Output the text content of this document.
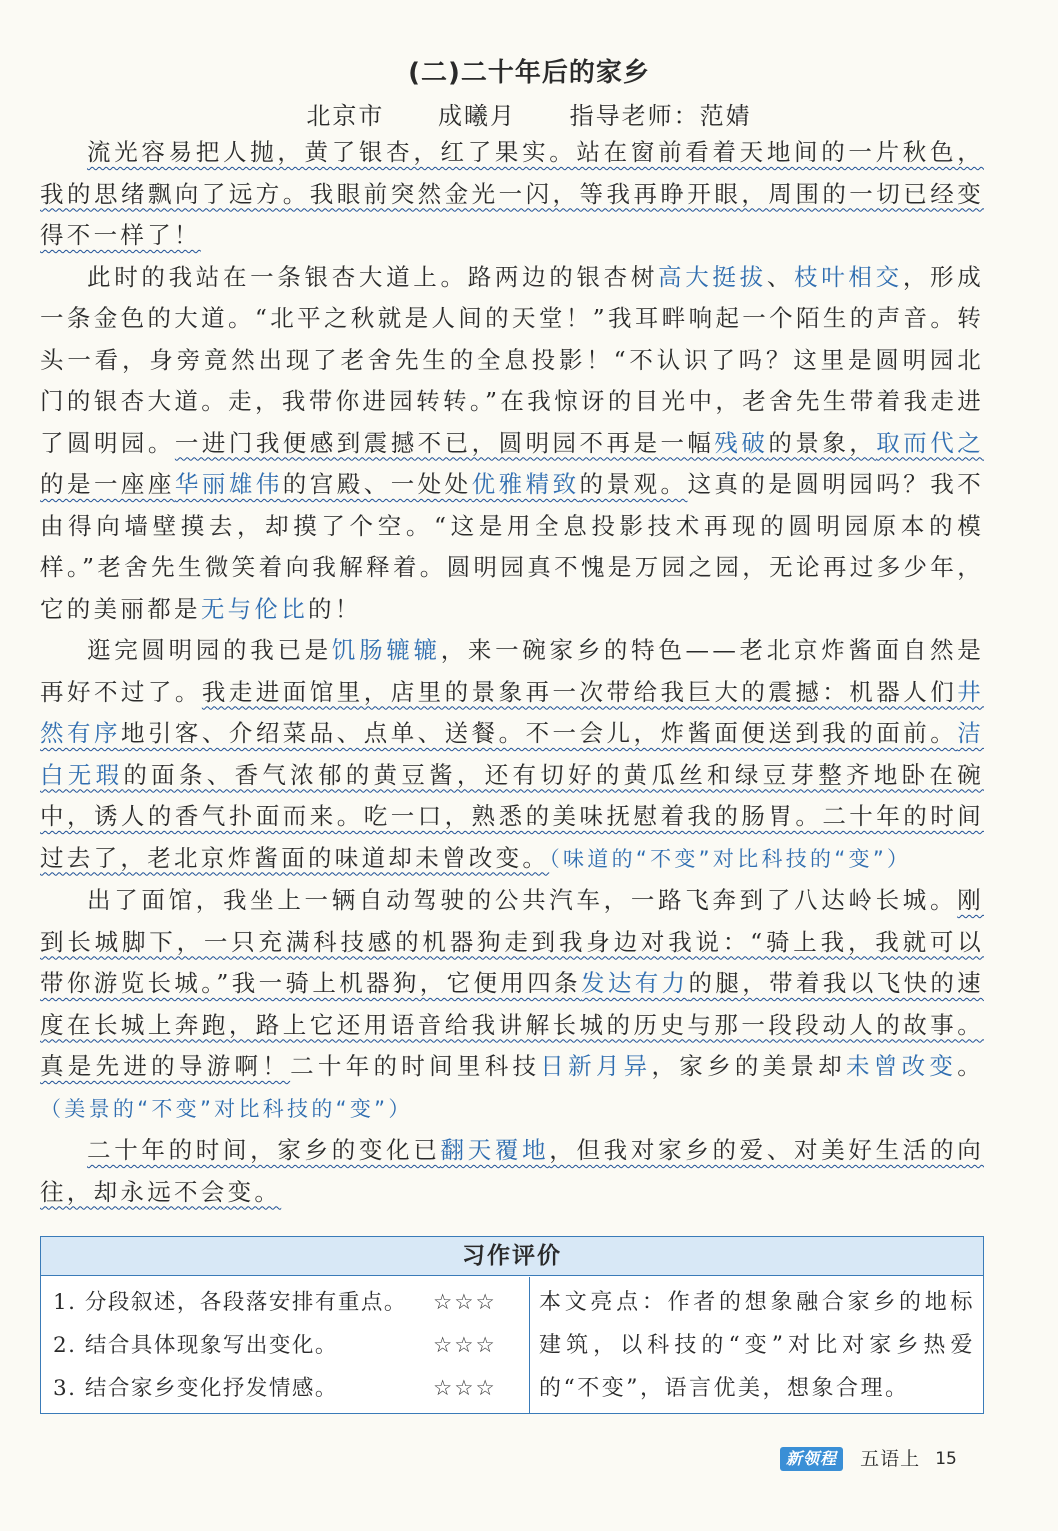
(二)二十年后的家乡
北京市 成曦月 指导老师：范婧

流光容易把人抛，黄了银杏，红了果实。站在窗前看着天地间的一片秋色，我的思绪飘向了远方。我眼前突然金光一闪，等我再睁开眼，周围的一切已经变得不一样了！

此时的我站在一条银杏大道上。路两边的银杏树高大挺拔、枝叶相交，形成一条金色的大道。“北平之秋就是人间的天堂！”我耳畔响起一个陌生的声音。转头一看，身旁竟然出现了老舍先生的全息投影！“不认识了吗？这里是圆明园北门的银杏大道。走，我带你进园转转。”在我惊讶的目光中，老舍先生带着我走进了圆明园。一进门我便感到震撼不已，圆明园不再是一幅残破的景象，取而代之的是一座座华丽雄伟的宫殿、一处处优雅精致的景观。这真的是圆明园吗？我不由得向墙壁摸去，却摸了个空。“这是用全息投影技术再现的圆明园原本的模样。”老舍先生微笑着向我解释着。圆明园真不愧是万园之园，无论再过多少年，它的美丽都是无与伦比的！

逛完圆明园的我已是饥肠辘辘，来一碗家乡的特色——老北京炸酱面自然是再好不过了。我走进面馆里，店里的景象再一次带给我巨大的震撼：机器人们井然有序地引客、介绍菜品、点单、送餐。不一会儿，炸酱面便送到我的面前。洁白无瑕的面条、香气浓郁的黄豆酱，还有切好的黄瓜丝和绿豆芽整齐地卧在碗中，诱人的香气扑面而来。吃一口，熟悉的美味抚慰着我的肠胃。二十年的时间过去了，老北京炸酱面的味道却未曾改变。（味道的“不变”对比科技的“变”）

出了面馆，我坐上一辆自动驾驶的公共汽车，一路飞奔到了八达岭长城。刚到长城脚下，一只充满科技感的机器狗走到我身边对我说：“骑上我，我就可以带你游览长城。”我一骑上机器狗，它便用四条发达有力的腿，带着我以飞快的速度在长城上奔跑，路上它还用语音给我讲解长城的历史与那一段段动人的故事。真是先进的导游啊！二十年的时间里科技日新月异，家乡的美景却未曾改变。（美景的“不变”对比科技的“变”）

二十年的时间，家乡的变化已翻天覆地，但我对家乡的爱、对美好生活的向往，却永远不会变。

习作评价
1. 分段叙述，各段落安排有重点。 ☆☆☆
2. 结合具体现象写出变化。	☆☆☆
3. 结合家乡变化抒发情感。	☆☆☆
本文亮点：作者的想象融合家乡的地标建筑，以科技的“变”对比对家乡热爱的“不变”，语言优美，想象合理。
新领程 五语上 15
